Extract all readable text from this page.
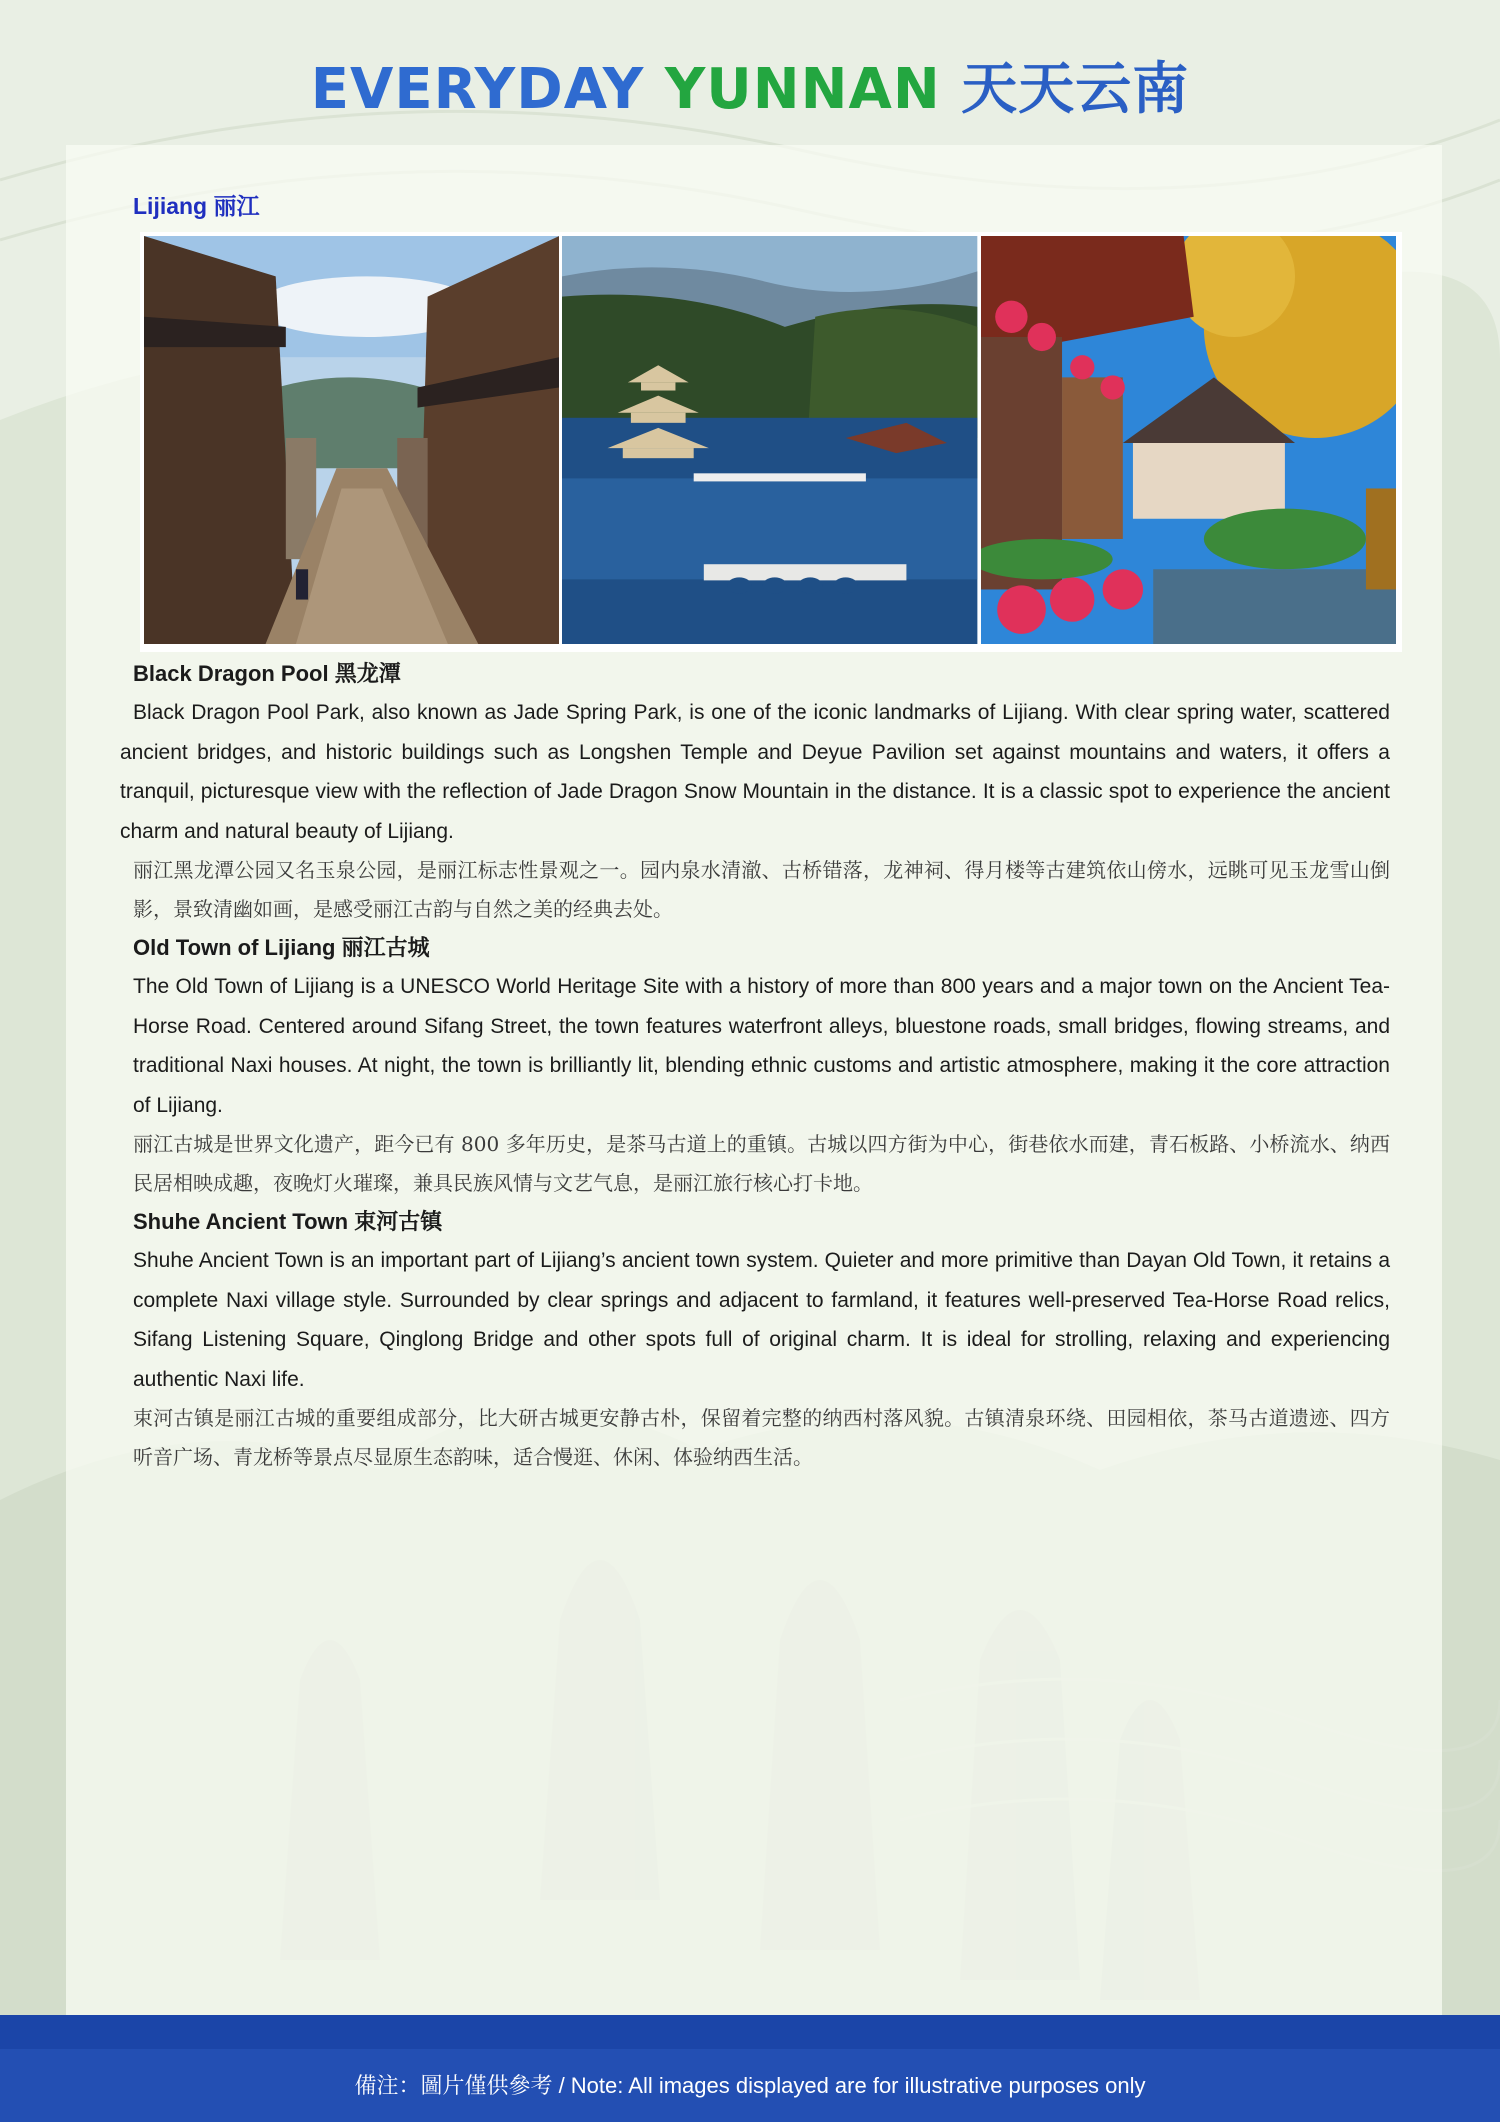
EVERYDAY YUNNAN 天天云南
Lijiang 丽江
Black Dragon Pool 黑龙潭

Black Dragon Pool Park, also known as Jade Spring Park, is one of the iconic landmarks of Lijiang. With clear spring water, scattered ancient bridges, and historic buildings such as Longshen Temple and Deyue Pavilion set against mountains and waters, it offers a tranquil, picturesque view with the reflection of Jade Dragon Snow Mountain in the distance. It is a classic spot to experience the ancient charm and natural beauty of Lijiang.

丽江黑龙潭公园又名玉泉公园，是丽江标志性景观之一。园内泉水清澈、古桥错落，龙神祠、得月楼等古建筑依山傍水，远眺可见玉龙雪山倒影，景致清幽如画，是感受丽江古韵与自然之美的经典去处。

Old Town of Lijiang 丽江古城

The Old Town of Lijiang is a UNESCO World Heritage Site with a history of more than 800 years and a major town on the Ancient Tea-Horse Road. Centered around Sifang Street, the town features waterfront alleys, bluestone roads, small bridges, flowing streams, and traditional Naxi houses. At night, the town is brilliantly lit, blending ethnic customs and artistic atmosphere, making it the core attraction of Lijiang.

丽江古城是世界文化遗产，距今已有 800 多年历史，是茶马古道上的重镇。古城以四方街为中心，街巷依水而建，青石板路、小桥流水、纳西民居相映成趣，夜晚灯火璀璨，兼具民族风情与文艺气息，是丽江旅行核心打卡地。

Shuhe Ancient Town 束河古镇

Shuhe Ancient Town is an important part of Lijiang’s ancient town system. Quieter and more primitive than Dayan Old Town, it retains a complete Naxi village style. Surrounded by clear springs and adjacent to farmland, it features well-preserved Tea-Horse Road relics, Sifang Listening Square, Qinglong Bridge and other spots full of original charm. It is ideal for strolling, relaxing and experiencing authentic Naxi life.

束河古镇是丽江古城的重要组成部分，比大研古城更安静古朴，保留着完整的纳西村落风貌。古镇清泉环绕、田园相依，茶马古道遗迹、四方听音广场、青龙桥等景点尽显原生态韵味，适合慢逛、休闲、体验纳西生活。

備注：圖片僅供參考 / Note: All images displayed are for illustrative purposes only
